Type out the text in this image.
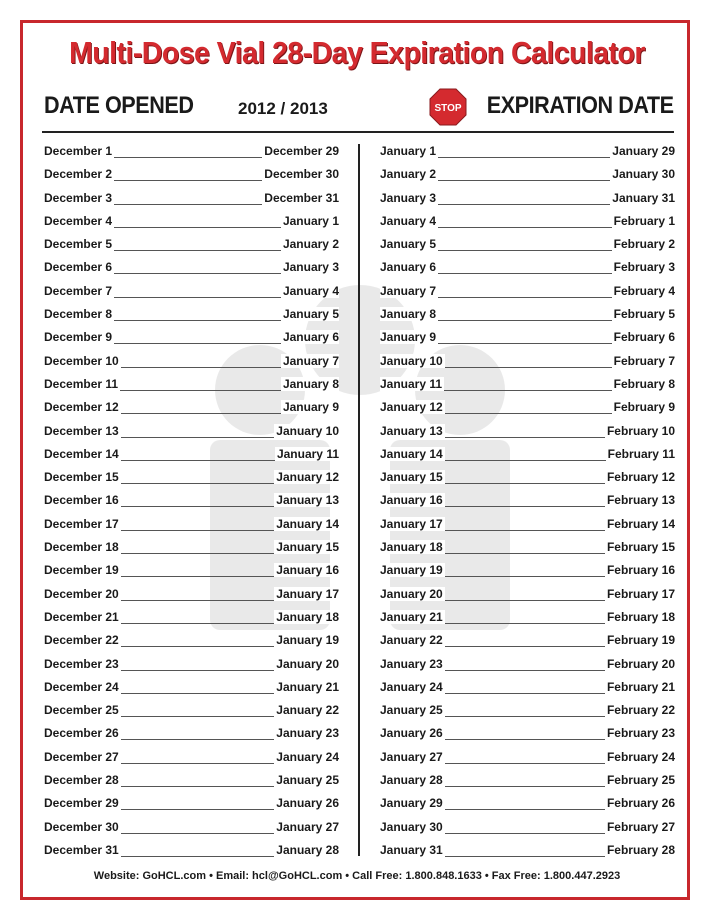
Multi-Dose Vial 28-Day Expiration Calculator
DATE OPENED	2012 / 2013	STOP EXPIRATION DATE
December 1	December 29
December 2	December 30
December 3	December 31
December 4	January 1
December 5	January 2
December 6	January 3
December 7	January 4
December 8	January 5
December 9	January 6
December 10	January 7
December 11	January 8
December 12	January 9
December 13	January 10
December 14	January 11
December 15	January 12
December 16	January 13
December 17	January 14
December 18	January 15
December 19	January 16
December 20	January 17
December 21	January 18
December 22	January 19
December 23	January 20
December 24	January 21
December 25	January 22
December 26	January 23
December 27	January 24
December 28	January 25
December 29	January 26
December 30	January 27
December 31	January 28
January 1	January 29
January 2	January 30
January 3	January 31
January 4	February 1
January 5	February 2
January 6	February 3
January 7	February 4
January 8	February 5
January 9	February 6
January 10	February 7
January 11	February 8
January 12	February 9
January 13	February 10
January 14	February 11
January 15	February 12
January 16	February 13
January 17	February 14
January 18	February 15
January 19	February 16
January 20	February 17
January 21	February 18
January 22	February 19
January 23	February 20
January 24	February 21
January 25	February 22
January 26	February 23
January 27	February 24
January 28	February 25
January 29	February 26
January 30	February 27
January 31	February 28
Website: GoHCL.com • Email: hcl@GoHCL.com • Call Free: 1.800.848.1633 • Fax Free: 1.800.447.2923
